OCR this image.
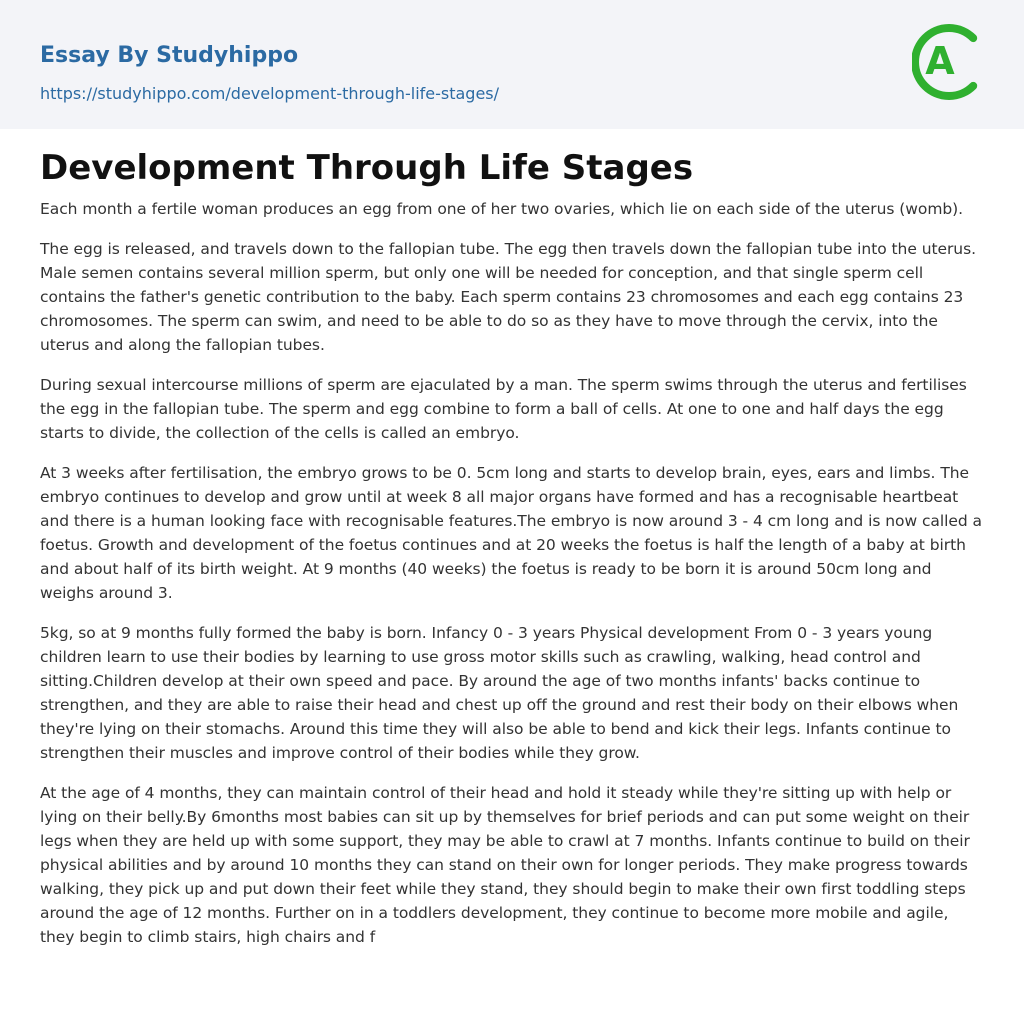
Essay By Studyhippo
https://studyhippo.com/development-through-life-stages/
A
Development Through Life Stages

Each month a fertile woman produces an egg from one of her two ovaries, which lie on each side of the uterus (womb).

The egg is released, and travels down to the fallopian tube. The egg then travels down the fallopian tube into the uterus. Male semen contains several million sperm, but only one will be needed for conception, and that single sperm cell contains the father's genetic contribution to the baby. Each sperm contains 23 chromosomes and each egg contains 23 chromosomes. The sperm can swim, and need to be able to do so as they have to move through the cervix, into the uterus and along the fallopian tubes.

During sexual intercourse millions of sperm are ejaculated by a man. The sperm swims through the uterus and fertilises the egg in the fallopian tube. The sperm and egg combine to form a ball of cells. At one to one and half days the egg starts to divide, the collection of the cells is called an embryo.

At 3 weeks after fertilisation, the embryo grows to be 0. 5cm long and starts to develop brain, eyes, ears and limbs. The embryo continues to develop and grow until at week 8 all major organs have formed and has a recognisable heartbeat and there is a human looking face with recognisable features.The embryo is now around 3 - 4 cm long and is now called a foetus. Growth and development of the foetus continues and at 20 weeks the foetus is half the length of a baby at birth and about half of its birth weight. At 9 months (40 weeks) the foetus is ready to be born it is around 50cm long and weighs around 3.

5kg, so at 9 months fully formed the baby is born. Infancy 0 - 3 years Physical development From 0 - 3 years young children learn to use their bodies by learning to use gross motor skills such as crawling, walking, head control and sitting.Children develop at their own speed and pace. By around the age of two months infants' backs continue to strengthen, and they are able to raise their head and chest up off the ground and rest their body on their elbows when they're lying on their stomachs. Around this time they will also be able to bend and kick their legs. Infants continue to strengthen their muscles and improve control of their bodies while they grow.

At the age of 4 months, they can maintain control of their head and hold it steady while they're sitting up with help or lying on their belly.By 6months most babies can sit up by themselves for brief periods and can put some weight on their legs when they are held up with some support, they may be able to crawl at 7 months. Infants continue to build on their physical abilities and by around 10 months they can stand on their own for longer periods. They make progress towards walking, they pick up and put down their feet while they stand, they should begin to make their own first toddling steps around the age of 12 months. Further on in a toddlers development, they continue to become more mobile and agile, they begin to climb stairs, high chairs and f
